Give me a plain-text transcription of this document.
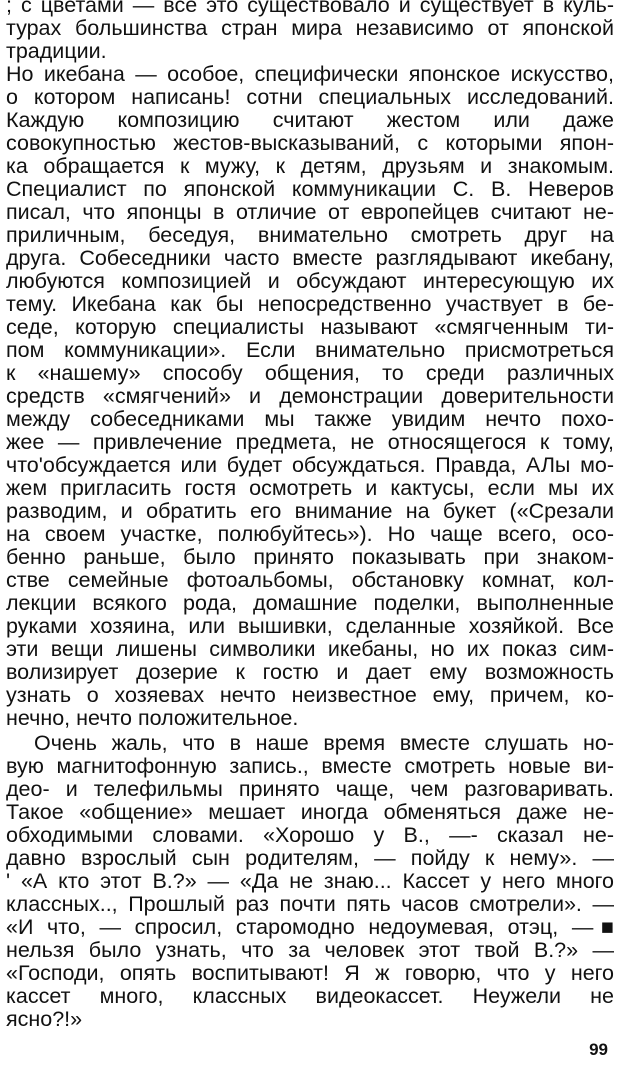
; с цветами — все это существовало и существует в куль-
турах большинства стран мира независимо от японской
традиции.
Но икебана — особое, специфически японское искусство,
о котором написань! сотни специальных исследований.
Каждую композицию считают жестом или даже
совокупностью жестов-высказываний, с которыми япон-
ка обращается к мужу, к детям, друзьям и знакомым.
Специалист по японской коммуникации С. В. Неверов
писал, что японцы в отличие от европейцев считают не-
приличным, беседуя, внимательно смотреть друг на
друга. Собеседники часто вместе разглядывают икебану,
любуются композицией и обсуждают интересующую их
тему. Икебана как бы непосредственно участвует в бе-
седе, которую специалисты называют «смягченным ти-
пом коммуникации». Если внимательно присмотреться
к «нашему» способу общения, то среди различных
средств «смягчений» и демонстрации доверительности
между собеседниками мы также увидим нечто похо-
жее — привлечение предмета, не относящегося к тому,
что'обсуждается или будет обсуждаться. Правда, АЛы мо-
жем пригласить гостя осмотреть и кактусы, если мы их
разводим, и обратить его внимание на букет («Срезали
на своем участке, полюбуйтесь»). Но чаще всего, осо-
бенно раньше, было принято показывать при знаком-
стве семейные фотоальбомы, обстановку комнат, кол-
лекции всякого рода, домашние поделки, выполненные
руками хозяина, или вышивки, сделанные хозяйкой. Все
эти вещи лишены символики икебаны, но их показ сим-
волизирует дозерие к гостю и дает ему возможность
узнать о хозяевах нечто неизвестное ему, причем, ко-
нечно, нечто положительное.
Очень жаль, что в наше время вместе слушать но-
вую магнитофонную запись., вместе смотреть новые ви-
део- и телефильмы принято чаще, чем разговаривать.
Такое «общение» мешает иногда обменяться даже не-
обходимыми словами. «Хорошо у В., —- сказал не-
давно взрослый сын родителям, — пойду к нему». —
' «А кто этот В.?» — «Да не знаю... Кассет у него много
классных.., Прошлый раз почти пять часов смотрели». —
«И что, — спросил, старомодно недоумевая, отэц, —■
нельзя было узнать, что за человек этот твой В.?» —
«Господи, опять воспитывают! Я ж говорю, что у него
кассет много, классных видеокассет. Неужели не
ясно?!»
99
